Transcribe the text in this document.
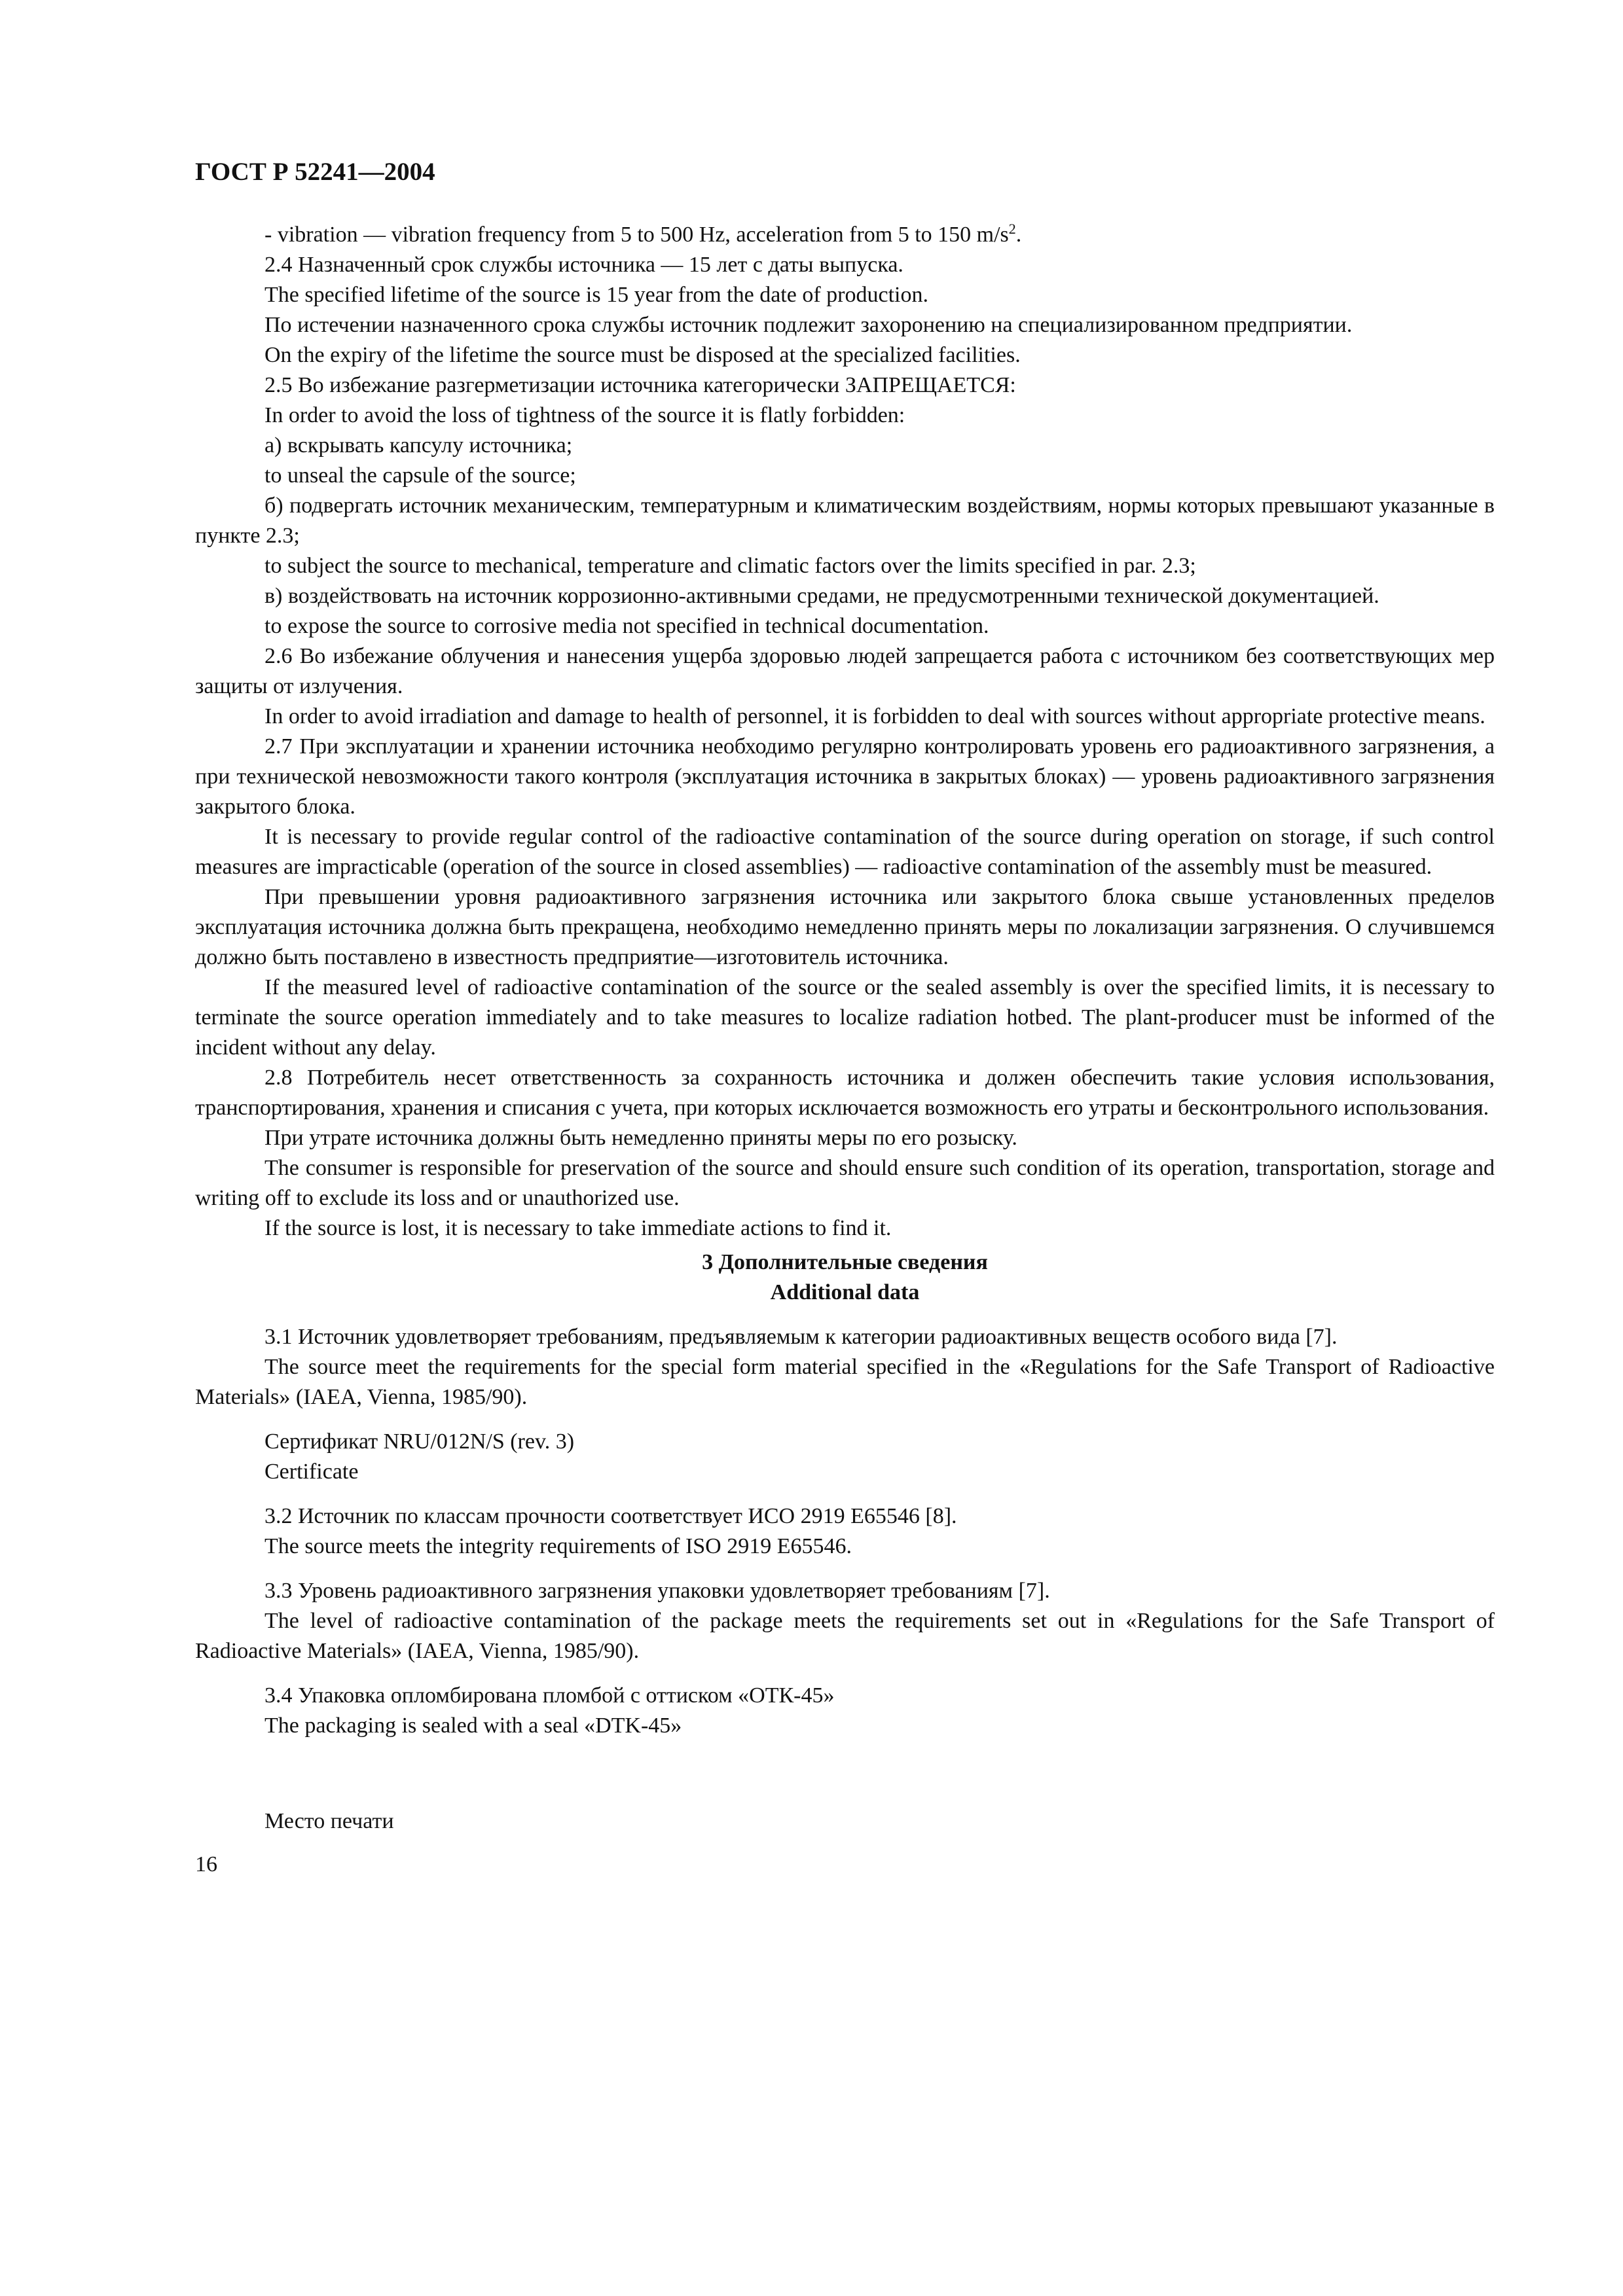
ГОСТ Р 52241—2004

- vibration — vibration frequency from 5 to 500 Hz, acceleration from 5 to 150 $m/s^2$.

2.4 Назначенный срок службы источника — 15 лет с даты выпуска.

The specified lifetime of the source is 15 year from the date of production.

По истечении назначенного срока службы источник подлежит захоронению на специализированном предприятии.

On the expiry of the lifetime the source must be disposed at the specialized facilities.

2.5 Во избежание разгерметизации источника категорически ЗАПРЕЩАЕТСЯ:

In order to avoid the loss of tightness of the source it is flatly forbidden:

а) вскрывать капсулу источника;

to unseal the capsule of the source;

б) подвергать источник механическим, температурным и климатическим воздействиям, нормы которых превышают указанные в пункте 2.3;

to subject the source to mechanical, temperature and climatic factors over the limits specified in par. 2.3;

в) воздействовать на источник коррозионно-активными средами, не предусмотренными технической документацией.

to expose the source to corrosive media not specified in technical documentation.

2.6 Во избежание облучения и нанесения ущерба здоровью людей запрещается работа с источником без соответствующих мер защиты от излучения.

In order to avoid irradiation and damage to health of personnel, it is forbidden to deal with sources without appropriate protective means.

2.7 При эксплуатации и хранении источника необходимо регулярно контролировать уровень его радиоактивного загрязнения, а при технической невозможности такого контроля (эксплуатация источника в закрытых блоках) — уровень радиоактивного загрязнения закрытого блока.

It is necessary to provide regular control of the radioactive contamination of the source during operation on storage, if such control measures are impracticable (operation of the source in closed assemblies) — radioactive contamination of the assembly must be measured.

При превышении уровня радиоактивного загрязнения источника или закрытого блока свыше установленных пределов эксплуатация источника должна быть прекращена, необходимо немедленно принять меры по локализации загрязнения. О случившемся должно быть поставлено в известность предприятие—изготовитель источника.

If the measured level of radioactive contamination of the source or the sealed assembly is over the specified limits, it is necessary to terminate the source operation immediately and to take measures to localize radiation hotbed. The plant-producer must be informed of the incident without any delay.

2.8 Потребитель несет ответственность за сохранность источника и должен обеспечить такие условия использования, транспортирования, хранения и списания с учета, при которых исключается возможность его утраты и бесконтрольного использования.

При утрате источника должны быть немедленно приняты меры по его розыску.

The consumer is responsible for preservation of the source and should ensure such condition of its operation, transportation, storage and writing off to exclude its loss and or unauthorized use.

If the source is lost, it is necessary to take immediate actions to find it.

3 Дополнительные сведения
Additional data

3.1 Источник удовлетворяет требованиям, предъявляемым к категории радиоактивных веществ особого вида [7].

The source meet the requirements for the special form material specified in the «Regulations for the Safe Transport of Radioactive Materials» (IAEA, Vienna, 1985/90).

Сертификат NRU/012N/S (rev. 3)

Certificate

3.2 Источник по классам прочности соответствует ИСО 2919 Е65546 [8].

The source meets the integrity requirements of ISO 2919 E65546.

3.3 Уровень радиоактивного загрязнения упаковки удовлетворяет требованиям [7].

The level of radioactive contamination of the package meets the requirements set out in «Regulations for the Safe Transport of Radioactive Materials» (IAEA, Vienna, 1985/90).

3.4 Упаковка опломбирована пломбой с оттиском «ОТК-45»

The packaging is sealed with a seal «DTK-45»

Место печати

16
